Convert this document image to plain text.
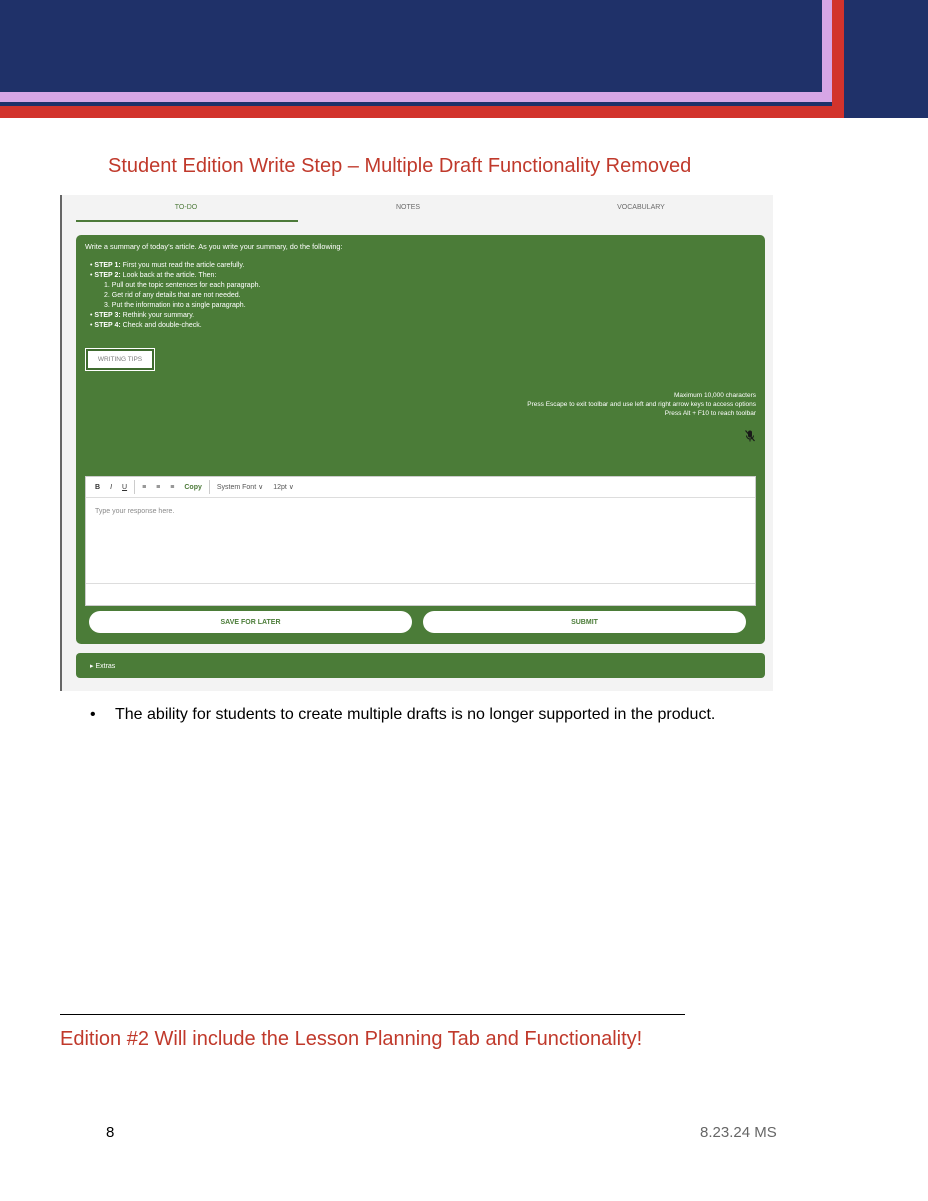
Student Edition Write Step – Multiple Draft Functionality Removed
TO-DO	NOTES	VOCABULARY
Write a summary of today’s article. As you write your summary, do the following:
• STEP 1: First you must read the article carefully.
• STEP 2: Look back at the article. Then:
1. Pull out the topic sentences for each paragraph.
2. Get rid of any details that are not needed.
3. Put the information into a single paragraph.
• STEP 3: Rethink your summary.
• STEP 4: Check and double-check.
WRITING TIPS
Maximum 10,000 characters
Press Escape to exit toolbar and use left and right arrow keys to access options
Press Alt + F10 to reach toolbar
B	I	U	≡	≡	≡	Copy	System Font ∨	12pt ∨
Type your response here.
SAVE FOR LATER	SUBMIT
▸ Extras
• The ability for students to create multiple drafts is no longer supported in the product.
Edition #2 Will include the Lesson Planning Tab and Functionality!
8	8.23.24 MS
